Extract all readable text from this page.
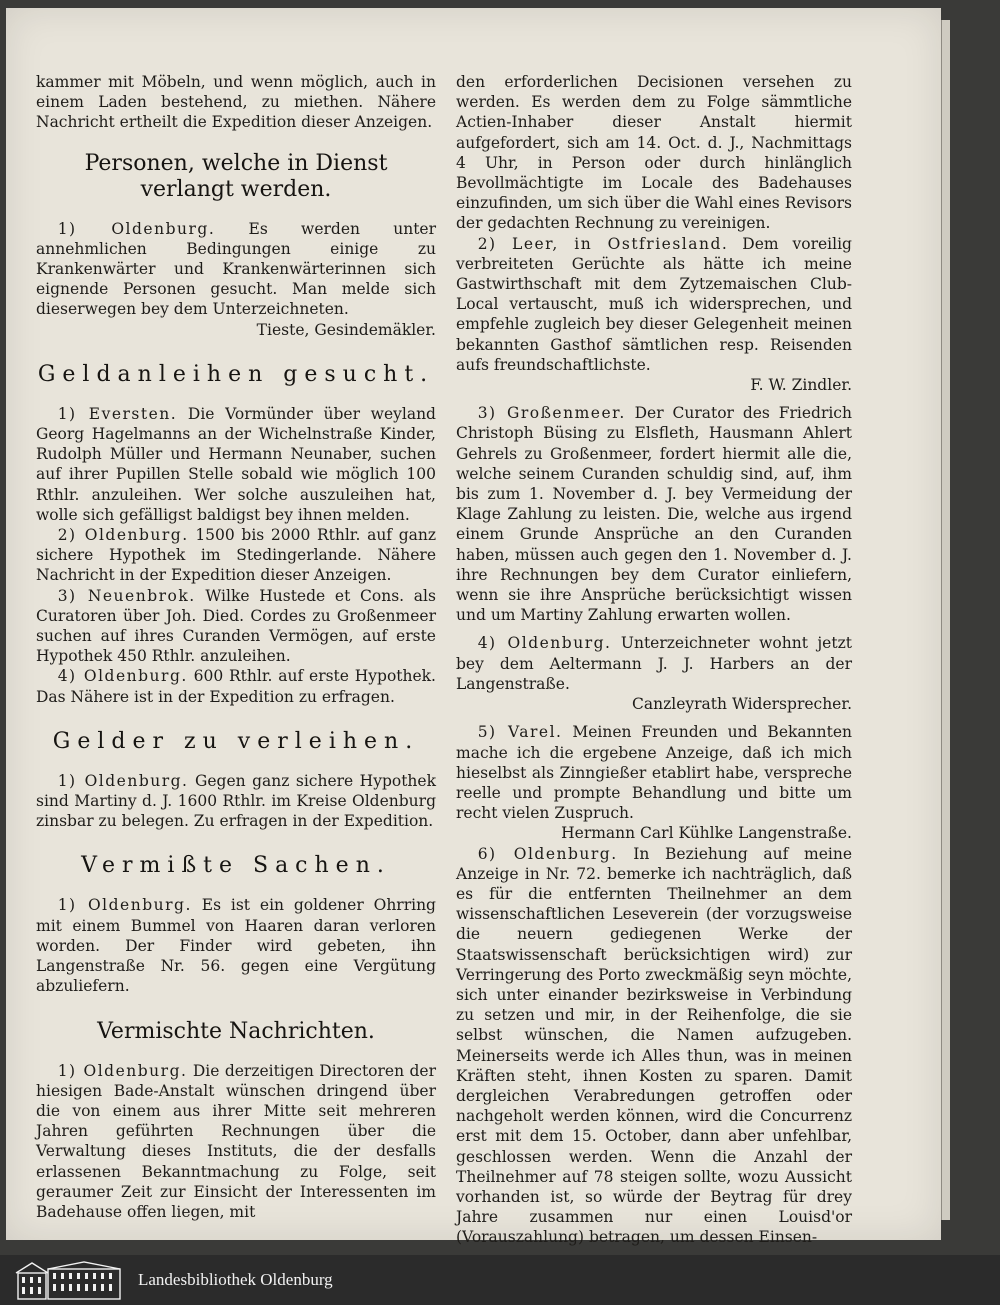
kammer mit Möbeln, und wenn möglich, auch in einem Laden bestehend, zu miethen. Nähere Nachricht ertheilt die Expedition dieser Anzeigen.

Personen, welche in Dienst verlangt werden.

1) Oldenburg. Es werden unter annehmlichen Bedingungen einige zu Krankenwärter und Krankenwärterinnen sich eignende Personen gesucht. Man melde sich dieserwegen bey dem Unterzeichneten.

Tieste, Gesindemäkler.

Geldanleihen gesucht.

1) Eversten. Die Vormünder über weyland Georg Hagelmanns an der Wichelnstraße Kinder, Rudolph Müller und Hermann Neunaber, suchen auf ihrer Pupillen Stelle sobald wie möglich 100 Rthlr. anzuleihen. Wer solche auszuleihen hat, wolle sich gefälligst baldigst bey ihnen melden.

2) Oldenburg. 1500 bis 2000 Rthlr. auf ganz sichere Hypothek im Stedingerlande. Nähere Nachricht in der Expedition dieser Anzeigen.

3) Neuenbrok. Wilke Hustede et Cons. als Curatoren über Joh. Died. Cordes zu Großenmeer suchen auf ihres Curanden Vermögen, auf erste Hypothek 450 Rthlr. anzuleihen.

4) Oldenburg. 600 Rthlr. auf erste Hypothek. Das Nähere ist in der Expedition zu erfragen.

Gelder zu verleihen.

1) Oldenburg. Gegen ganz sichere Hypothek sind Martiny d. J. 1600 Rthlr. im Kreise Oldenburg zinsbar zu belegen. Zu erfragen in der Expedition.

Vermißte Sachen.

1) Oldenburg. Es ist ein goldener Ohrring mit einem Bummel von Haaren daran verloren worden. Der Finder wird gebeten, ihn Langenstraße Nr. 56. gegen eine Vergütung abzuliefern.

Vermischte Nachrichten.

1) Oldenburg. Die derzeitigen Directoren der hiesigen Bade-Anstalt wünschen dringend über die von einem aus ihrer Mitte seit mehreren Jahren geführten Rechnungen über die Verwaltung dieses Instituts, die der desfalls erlassenen Bekanntmachung zu Folge, seit geraumer Zeit zur Einsicht der Interessenten im Badehause offen liegen, mit

den erforderlichen Decisionen versehen zu werden. Es werden dem zu Folge sämmtliche Actien-Inhaber dieser Anstalt hiermit aufgefordert, sich am 14. Oct. d. J., Nachmittags 4 Uhr, in Person oder durch hinlänglich Bevollmächtigte im Locale des Badehauses einzufinden, um sich über die Wahl eines Revisors der gedachten Rechnung zu vereinigen.

2) Leer, in Ostfriesland. Dem voreilig verbreiteten Gerüchte als hätte ich meine Gastwirthschaft mit dem Zytzemaischen Club-Local vertauscht, muß ich widersprechen, und empfehle zugleich bey dieser Gelegenheit meinen bekannten Gasthof sämtlichen resp. Reisenden aufs freundschaftlichste.

F. W. Zindler.

3) Großenmeer. Der Curator des Friedrich Christoph Büsing zu Elsfleth, Hausmann Ahlert Gehrels zu Großenmeer, fordert hiermit alle die, welche seinem Curanden schuldig sind, auf, ihm bis zum 1. November d. J. bey Vermeidung der Klage Zahlung zu leisten. Die, welche aus irgend einem Grunde Ansprüche an den Curanden haben, müssen auch gegen den 1. November d. J. ihre Rechnungen bey dem Curator einliefern, wenn sie ihre Ansprüche berücksichtigt wissen und um Martiny Zahlung erwarten wollen.

4) Oldenburg. Unterzeichneter wohnt jetzt bey dem Aeltermann J. J. Harbers an der Langenstraße.

Canzleyrath Widersprecher.

5) Varel. Meinen Freunden und Bekannten mache ich die ergebene Anzeige, daß ich mich hieselbst als Zinngießer etablirt habe, verspreche reelle und prompte Behandlung und bitte um recht vielen Zuspruch.

Hermann Carl Kühlke Langenstraße.

6) Oldenburg. In Beziehung auf meine Anzeige in Nr. 72. bemerke ich nachträglich, daß es für die entfernten Theilnehmer an dem wissenschaftlichen Leseverein (der vorzugsweise die neuern gediegenen Werke der Staatswissenschaft berücksichtigen wird) zur Verringerung des Porto zweckmäßig seyn möchte, sich unter einander bezirksweise in Verbindung zu setzen und mir, in der Reihenfolge, die sie selbst wünschen, die Namen aufzugeben. Meinerseits werde ich Alles thun, was in meinen Kräften steht, ihnen Kosten zu sparen. Damit dergleichen Verabredungen getroffen oder nachgeholt werden können, wird die Concurrenz erst mit dem 15. October, dann aber unfehlbar, geschlossen werden. Wenn die Anzahl der Theilnehmer auf 78 steigen sollte, wozu Aussicht vorhanden ist, so würde der Beytrag für drey Jahre zusammen nur einen Louisd'or (Vorauszahlung) betragen, um dessen Einsen-

Landesbibliothek Oldenburg
